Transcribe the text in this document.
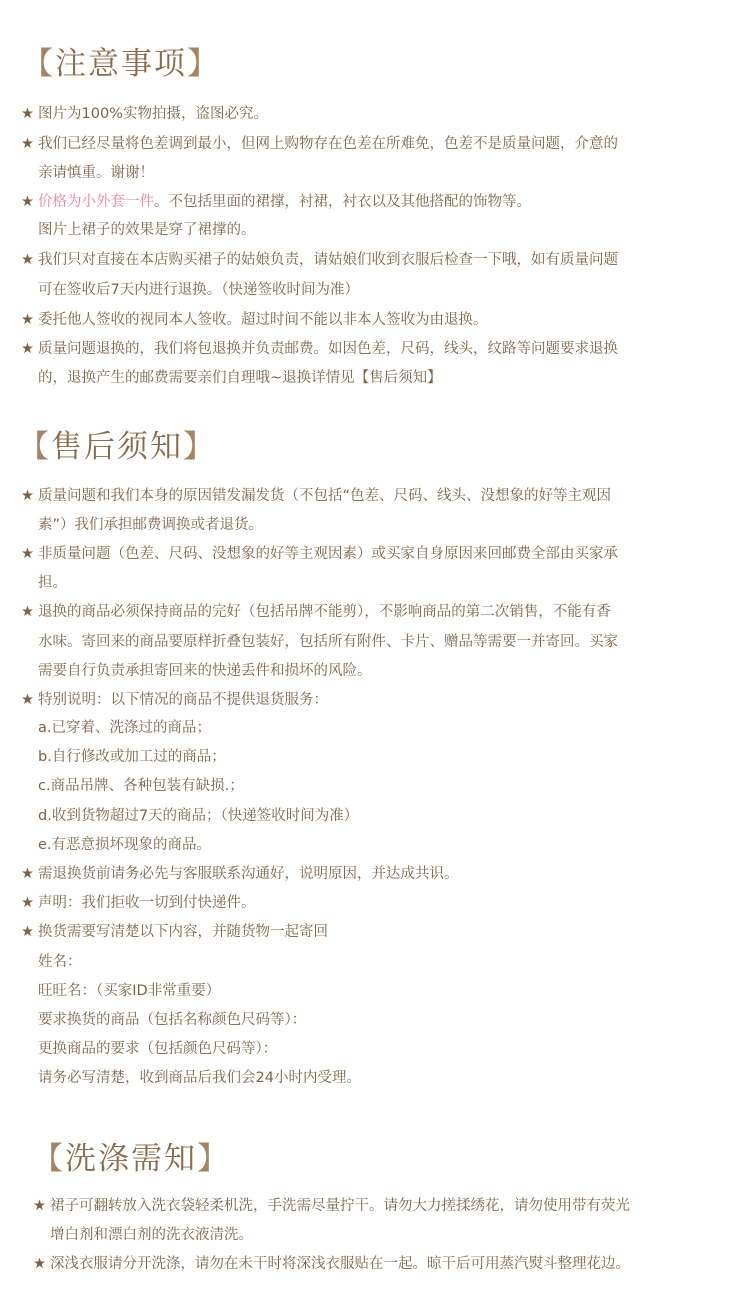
【注意事项】
★ 图片为100%实物拍摄，盗图必究。
★ 我们已经尽量将色差调到最小，但网上购物存在色差在所难免，色差不是质量问题，介意的
亲请慎重。谢谢！
★ 价格为小外套一件。不包括里面的裙撑，衬裙，衬衣以及其他搭配的饰物等。
图片上裙子的效果是穿了裙撑的。
★ 我们只对直接在本店购买裙子的姑娘负责，请姑娘们收到衣服后检查一下哦，如有质量问题
可在签收后7天内进行退换。（快递签收时间为准）
★ 委托他人签收的视同本人签收。超过时间不能以非本人签收为由退换。
★ 质量问题退换的，我们将包退换并负责邮费。如因色差，尺码，线头，纹路等问题要求退换
的，退换产生的邮费需要亲们自理哦~退换详情见【售后须知】
【售后须知】
★ 质量问题和我们本身的原因错发漏发货（不包括“色差、尺码、线头、没想象的好等主观因
素”）我们承担邮费调换或者退货。
★ 非质量问题（色差、尺码、没想象的好等主观因素）或买家自身原因来回邮费全部由买家承
担。
★ 退换的商品必须保持商品的完好（包括吊牌不能剪），不影响商品的第二次销售，不能有香
水味。寄回来的商品要原样折叠包装好，包括所有附件、卡片、赠品等需要一并寄回。买家
需要自行负责承担寄回来的快递丢件和损坏的风险。
★ 特别说明：以下情况的商品不提供退货服务：
a.已穿着、洗涤过的商品；
b.自行修改或加工过的商品；
c.商品吊牌、各种包装有缺损.；
d.收到货物超过7天的商品；（快递签收时间为准）
e.有恶意损坏现象的商品。
★ 需退换货前请务必先与客服联系沟通好，说明原因，并达成共识。
★ 声明：我们拒收一切到付快递件。
★ 换货需要写清楚以下内容，并随货物一起寄回
姓名：
旺旺名：（买家ID非常重要）
要求换货的商品（包括名称颜色尺码等）：
更换商品的要求（包括颜色尺码等）：
请务必写清楚，收到商品后我们会24小时内受理。
【洗涤需知】
★ 裙子可翻转放入洗衣袋轻柔机洗，手洗需尽量拧干。请勿大力搓揉绣花，请勿使用带有荧光
增白剂和漂白剂的洗衣液清洗。
★ 深浅衣服请分开洗涤，请勿在未干时将深浅衣服贴在一起。晾干后可用蒸汽熨斗整理花边。
